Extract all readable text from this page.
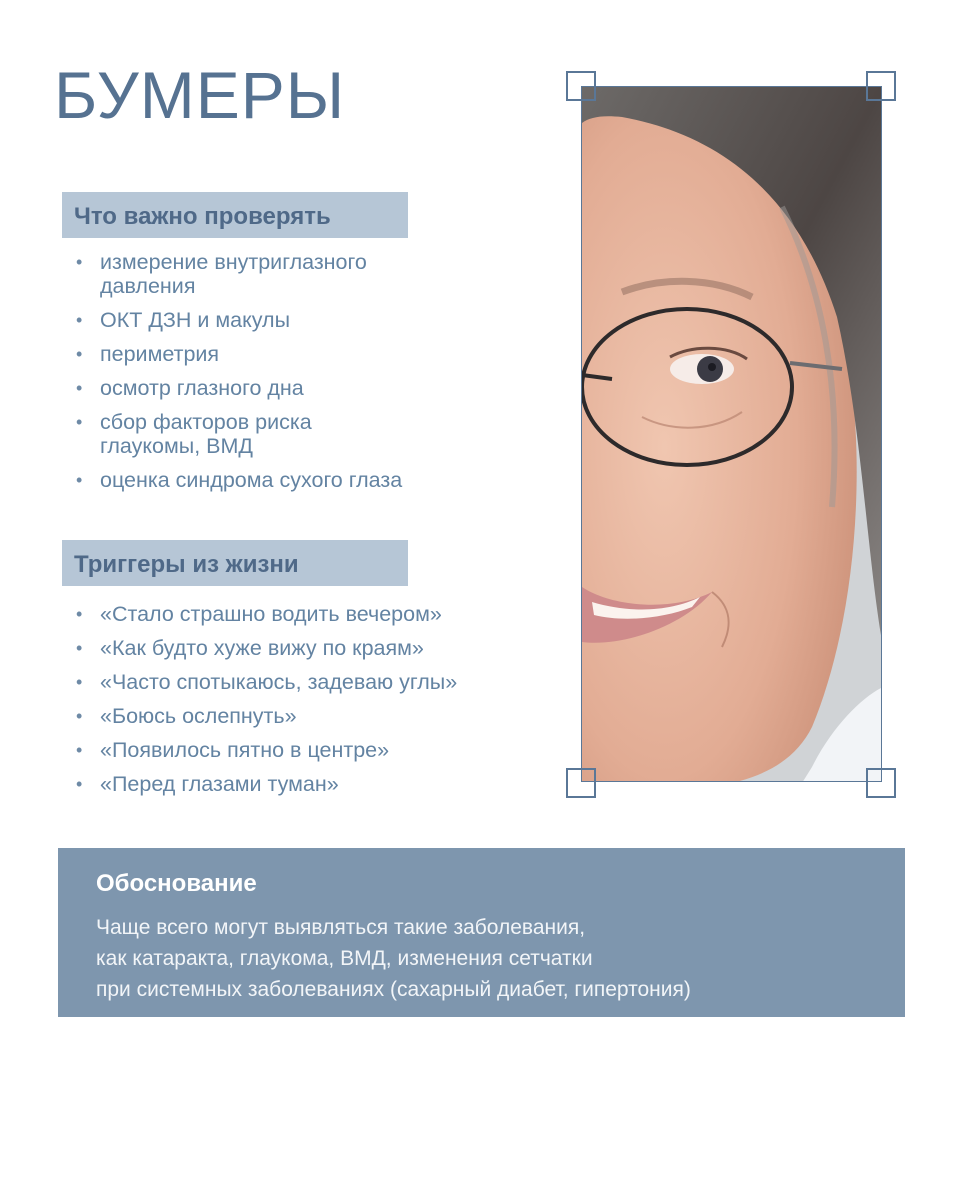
БУМЕРЫ
Что важно проверять
• измерение внутриглазного
давления
• ОКТ ДЗН и макулы
• периметрия
• осмотр глазного дна
• сбор факторов риска
глаукомы, ВМД
• оценка синдрома сухого глаза
Триггеры из жизни
• «Стало страшно водить вечером»
• «Как будто хуже вижу по краям»
• «Часто спотыкаюсь, задеваю углы»
• «Боюсь ослепнуть»
• «Появилось пятно в центре»
• «Перед глазами туман»

Обоснование

Чаще всего могут выявляться такие заболевания,
как катаракта, глаукома, ВМД, изменения сетчатки
при системных заболеваниях (сахарный диабет, гипертония)
